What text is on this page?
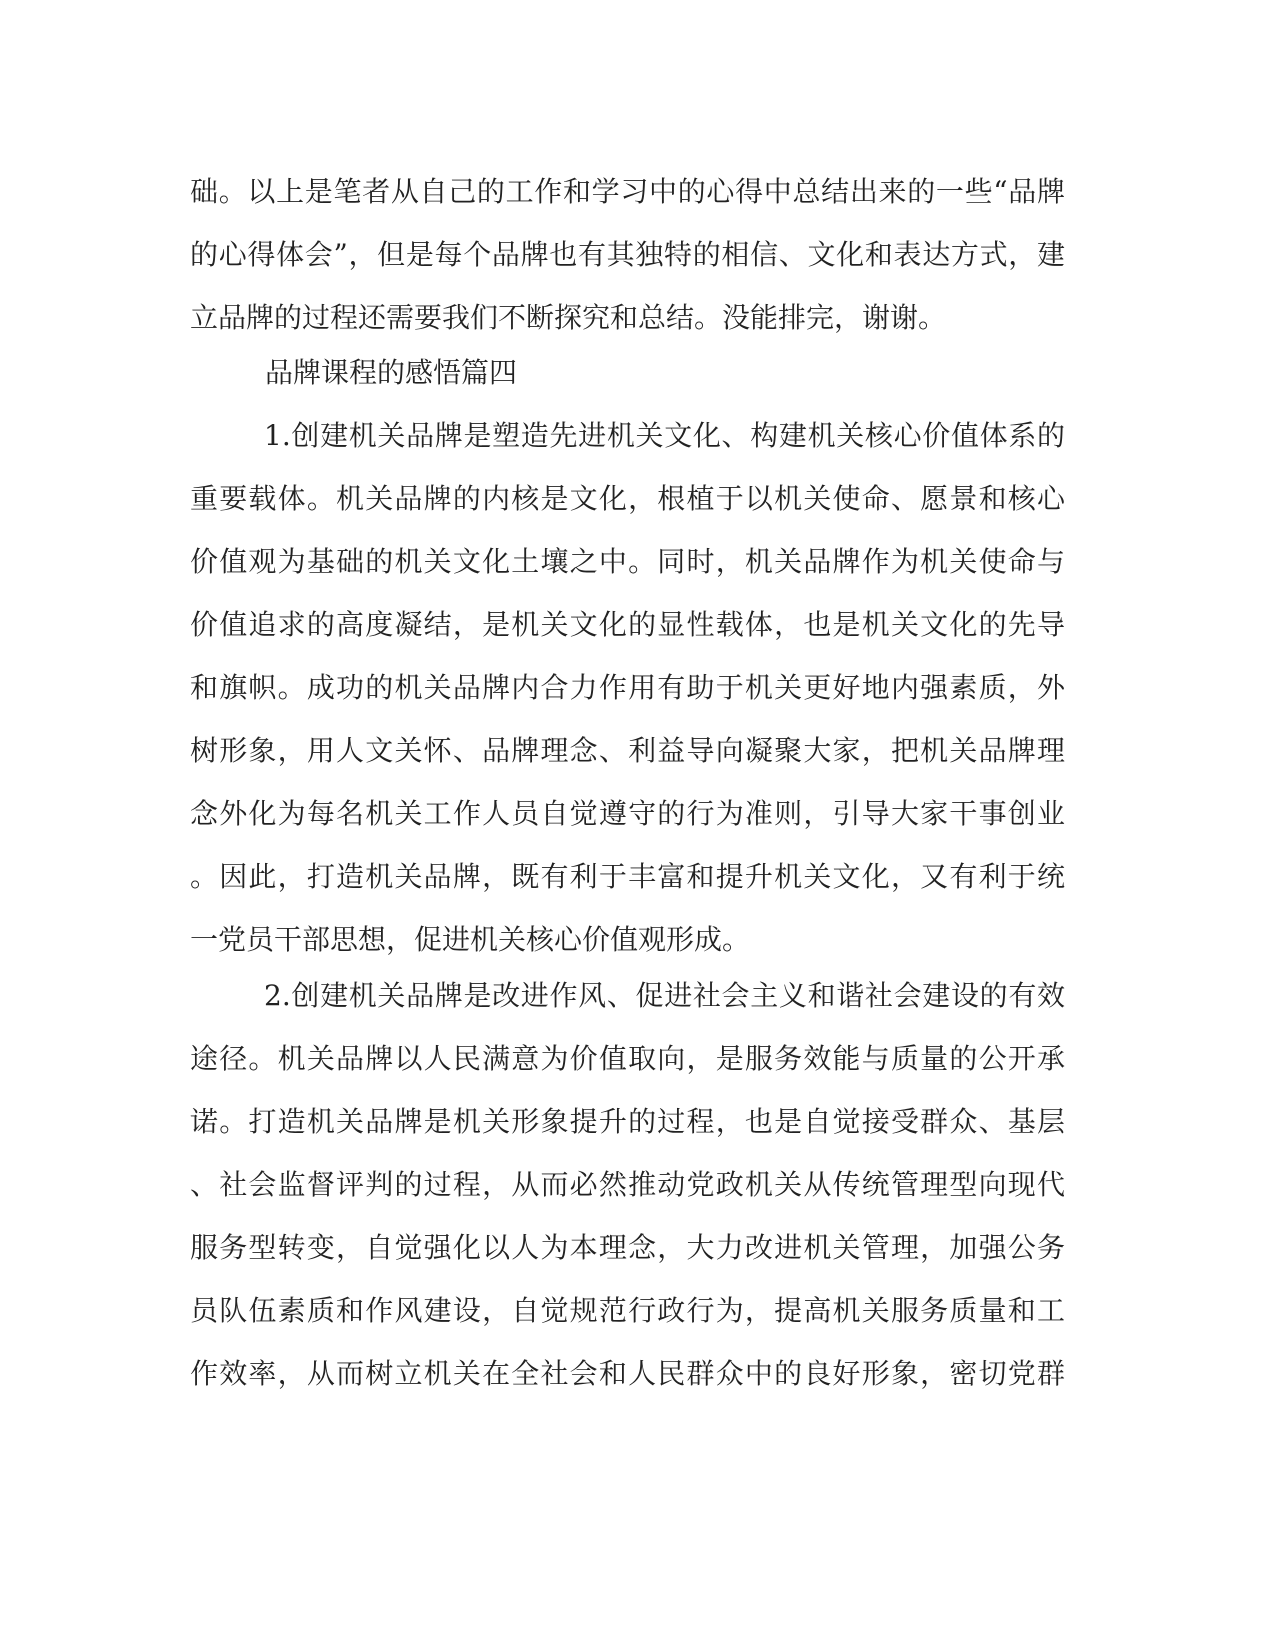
础。以上是笔者从自己的工作和学习中的心得中总结出来的一些“品牌
的心得体会”，但是每个品牌也有其独特的相信、文化和表达方式，建
立品牌的过程还需要我们不断探究和总结。没能排完，谢谢。
品牌课程的感悟篇四
1.创建机关品牌是塑造先进机关文化、构建机关核心价值体系的
重要载体。机关品牌的内核是文化，根植于以机关使命、愿景和核心
价值观为基础的机关文化土壤之中。同时，机关品牌作为机关使命与
价值追求的高度凝结，是机关文化的显性载体，也是机关文化的先导
和旗帜。成功的机关品牌内合力作用有助于机关更好地内强素质，外
树形象，用人文关怀、品牌理念、利益导向凝聚大家，把机关品牌理
念外化为每名机关工作人员自觉遵守的行为准则，引导大家干事创业
。因此，打造机关品牌，既有利于丰富和提升机关文化，又有利于统
一党员干部思想，促进机关核心价值观形成。
2.创建机关品牌是改进作风、促进社会主义和谐社会建设的有效
途径。机关品牌以人民满意为价值取向，是服务效能与质量的公开承
诺。打造机关品牌是机关形象提升的过程，也是自觉接受群众、基层
、社会监督评判的过程，从而必然推动党政机关从传统管理型向现代
服务型转变，自觉强化以人为本理念，大力改进机关管理，加强公务
员队伍素质和作风建设，自觉规范行政行为，提高机关服务质量和工
作效率，从而树立机关在全社会和人民群众中的良好形象，密切党群
